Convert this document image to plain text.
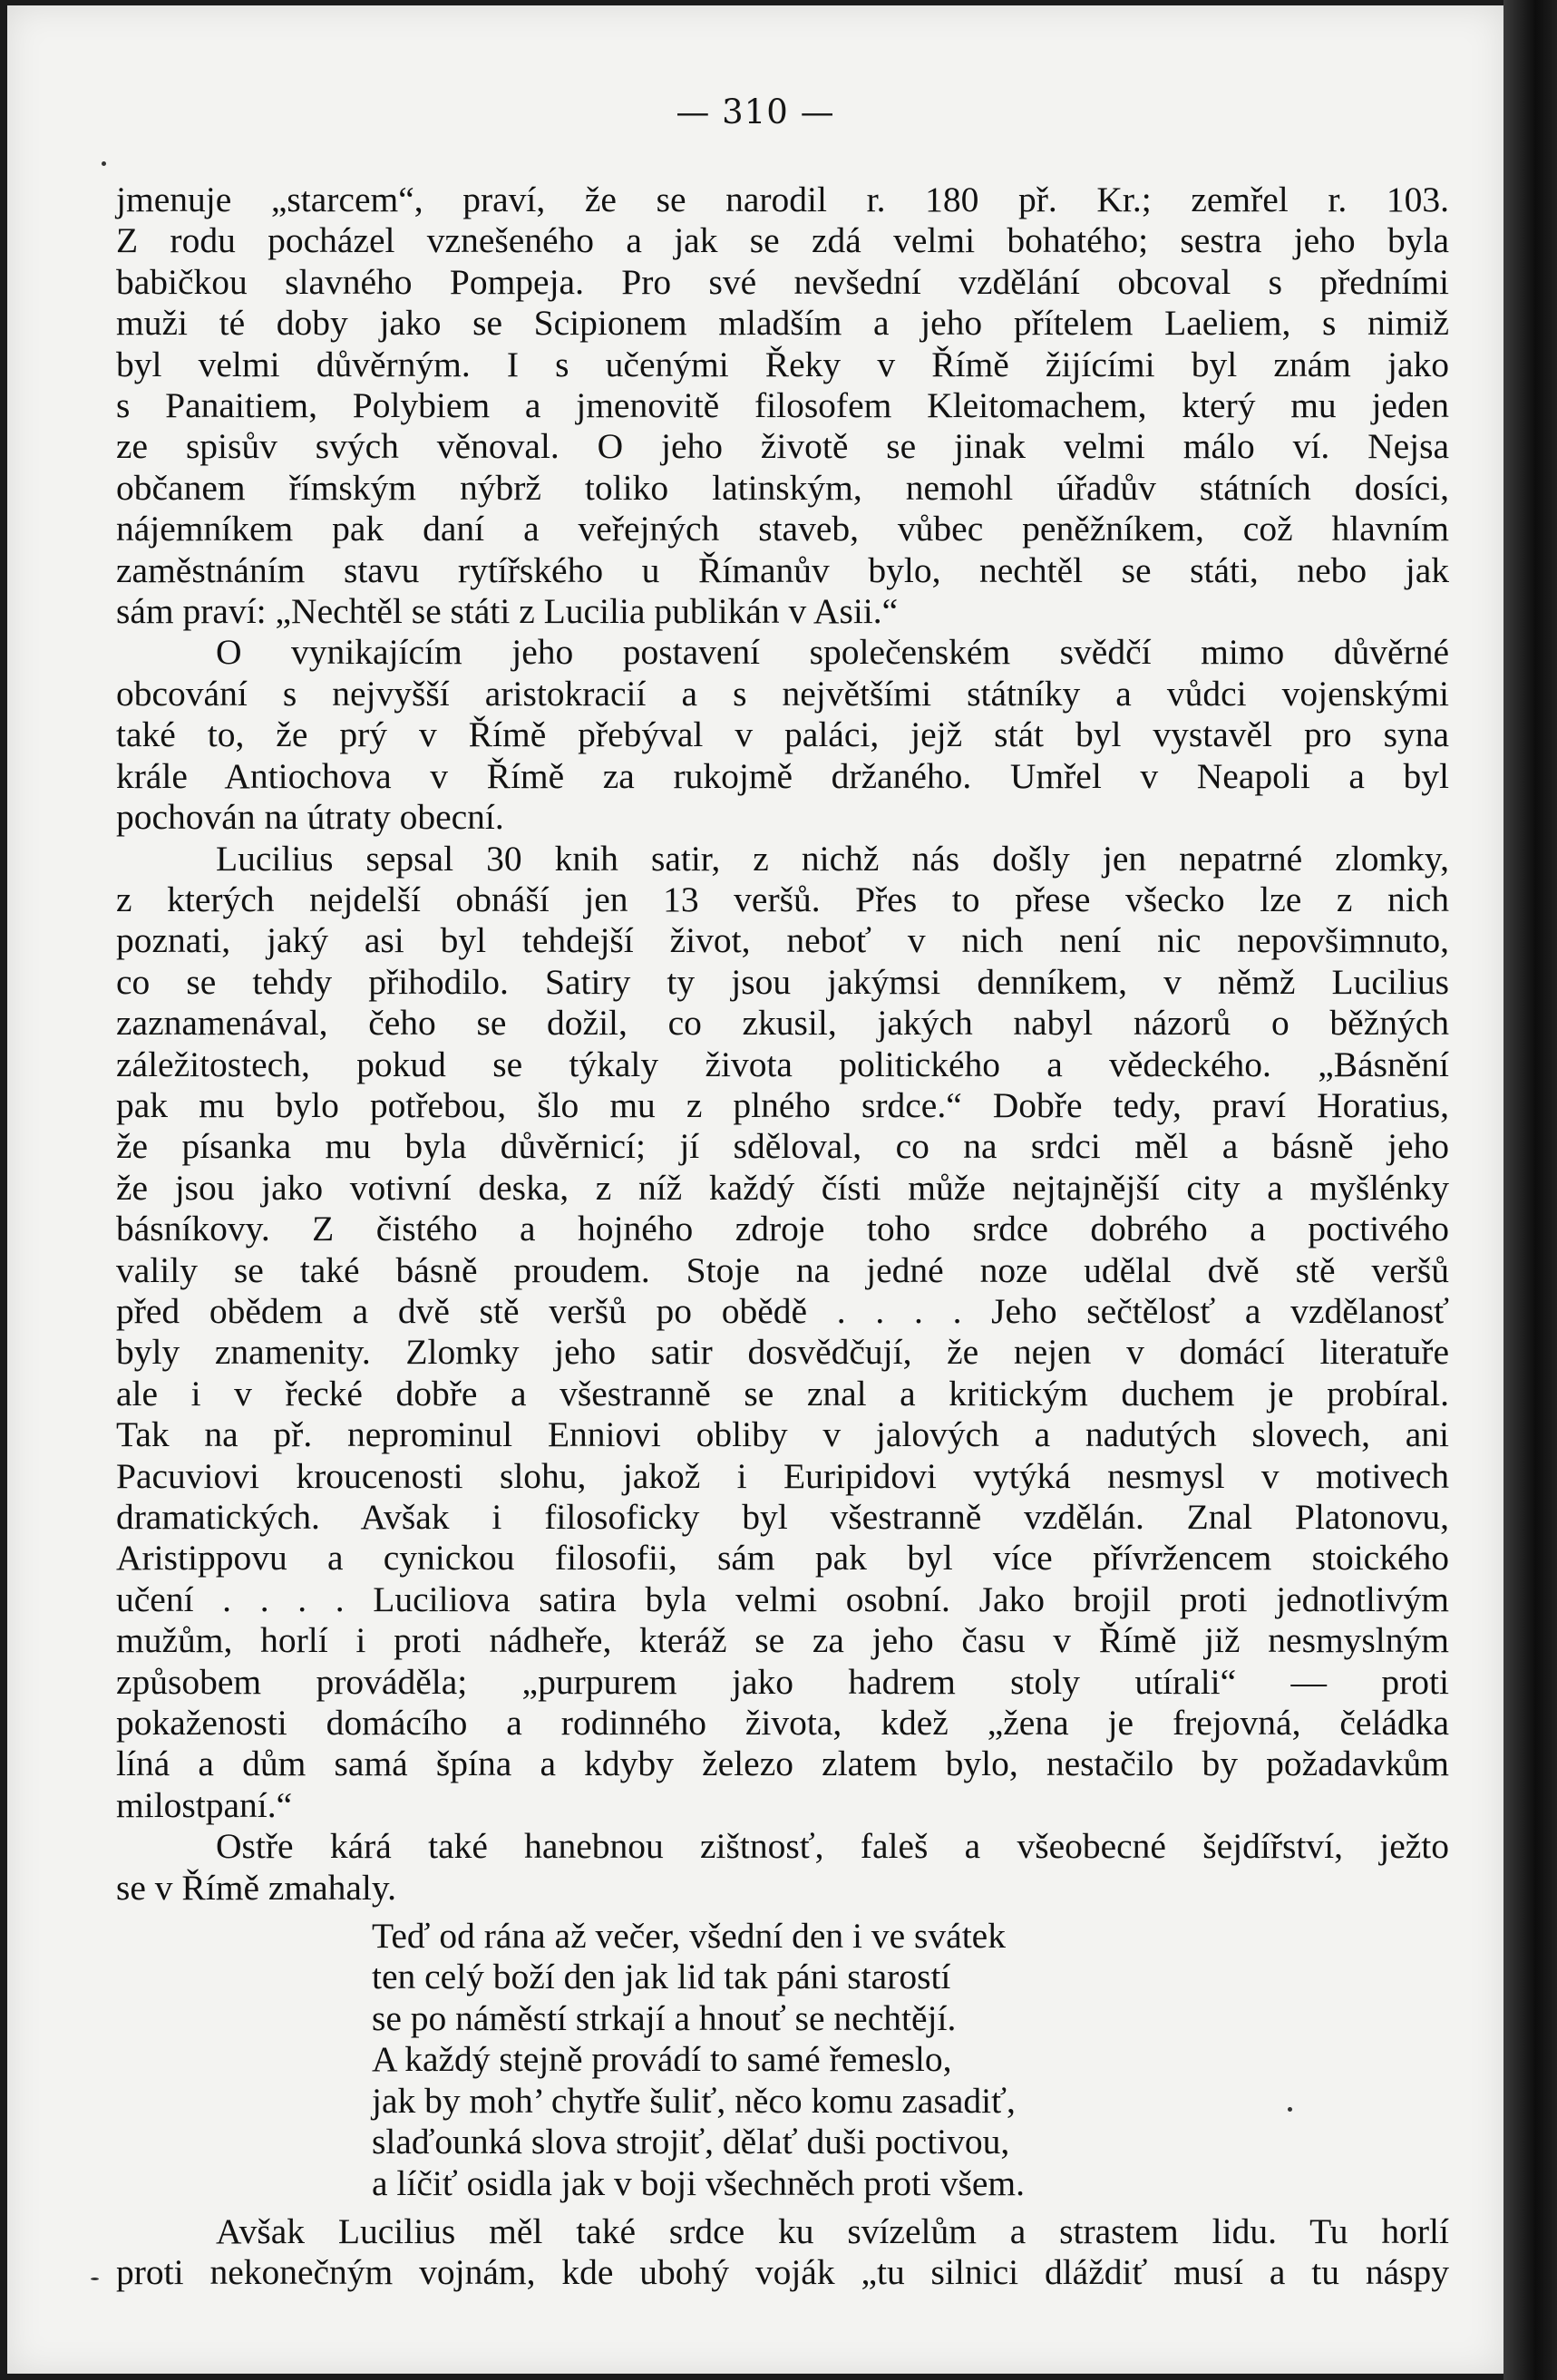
— 310 —

jmenuje „starcem“, praví, že se narodil r. 180 př. Kr.; zemřel r. 103.
Z rodu pocházel vznešeného a jak se zdá velmi bohatého; sestra jeho byla
babičkou slavného Pompeja. Pro své nevšední vzdělání obcoval s předními
muži té doby jako se Scipionem mladším a jeho přítelem Laeliem, s nimiž
byl velmi důvěrným. I s učenými Řeky v Římě žijícími byl znám jako
s Panaitiem, Polybiem a jmenovitě filosofem Kleitomachem, který mu jeden
ze spisův svých věnoval. O jeho životě se jinak velmi málo ví. Nejsa
občanem římským nýbrž toliko latinským, nemohl úřadův státních dosíci,
nájemníkem pak daní a veřejných staveb, vůbec peněžníkem, což hlavním
zaměstnáním stavu rytířského u Římanův bylo, nechtěl se státi, nebo jak
sám praví: „Nechtěl se státi z Lucilia publikán v Asii.“

O vynikajícím jeho postavení společenském svědčí mimo důvěrné
obcování s nejvyšší aristokracií a s největšími státníky a vůdci vojenskými
také to, že prý v Římě přebýval v paláci, jejž stát byl vystavěl pro syna
krále Antiochova v Římě za rukojmě držaného. Umřel v Neapoli a byl
pochován na útraty obecní.

Lucilius sepsal 30 knih satir, z nichž nás došly jen nepatrné zlomky,
z kterých nejdelší obnáší jen 13 veršů. Přes to přese všecko lze z nich
poznati, jaký asi byl tehdejší život, neboť v nich není nic nepovšimnuto,
co se tehdy přihodilo. Satiry ty jsou jakýmsi denníkem, v němž Lucilius
zaznamenával, čeho se dožil, co zkusil, jakých nabyl názorů o běžných
záležitostech, pokud se týkaly života politického a vědeckého. „Básnění
pak mu bylo potřebou, šlo mu z plného srdce.“ Dobře tedy, praví Horatius,
že písanka mu byla důvěrnicí; jí sděloval, co na srdci měl a básně jeho
že jsou jako votivní deska, z níž každý čísti může nejtajnější city a myšlénky
básníkovy. Z čistého a hojného zdroje toho srdce dobrého a poctivého
valily se také básně proudem. Stoje na jedné noze udělal dvě stě veršů
před obědem a dvě stě veršů po obědě . . . . Jeho sečtělosť a vzdělanosť
byly znamenity. Zlomky jeho satir dosvědčují, že nejen v domácí literatuře
ale i v řecké dobře a všestranně se znal a kritickým duchem je probíral.
Tak na př. neprominul Enniovi obliby v jalových a nadutých slovech, ani
Pacuviovi kroucenosti slohu, jakož i Euripidovi vytýká nesmysl v motivech
dramatických. Avšak i filosoficky byl všestranně vzdělán. Znal Platonovu,
Aristippovu a cynickou filosofii, sám pak byl více přívržencem stoického
učení . . . . Luciliova satira byla velmi osobní. Jako brojil proti jednotlivým
mužům, horlí i proti nádheře, kteráž se za jeho času v Římě již nesmyslným
způsobem prováděla; „purpurem jako hadrem stoly utírali“ — proti
pokaženosti domácího a rodinného života, kdež „žena je frejovná, čeládka
líná a dům samá špína a kdyby železo zlatem bylo, nestačilo by požadavkům
milostpaní.“

Ostře kárá také hanebnou zištnosť, faleš a všeobecné šejdířství, ježto
se v Římě zmahaly.

Teď od rána až večer, všední den i ve svátek
ten celý boží den jak lid tak páni starostí
se po náměstí strkají a hnouť se nechtějí.
A každý stejně provádí to samé řemeslo,
jak by moh’ chytře šuliť, něco komu zasadiť,
slaďounká slova strojiť, dělať duši poctivou,
a líčiť osidla jak v boji všechněch proti všem.

Avšak Lucilius měl také srdce ku svízelům a strastem lidu. Tu horlí
proti nekonečným vojnám, kde ubohý voják „tu silnici dláždiť musí a tu náspy
